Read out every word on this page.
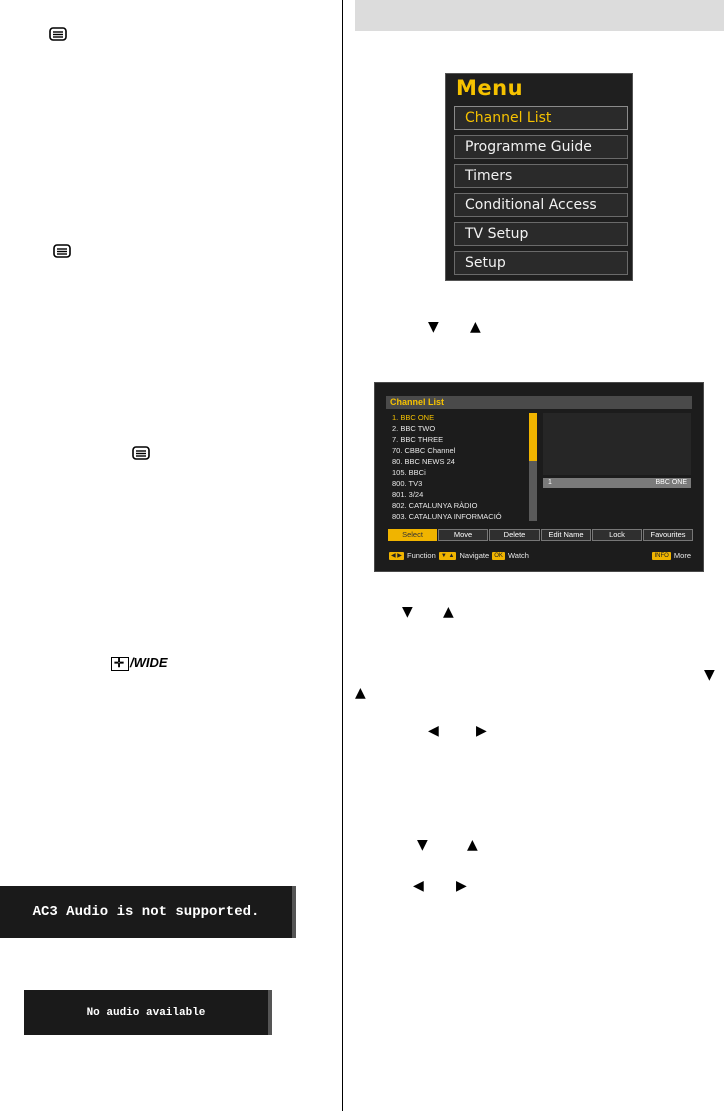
Menu
Channel List
Programme Guide
Timers
Conditional Access
TV Setup
Setup
▼ ▲
Channel List
1. BBC ONE
2. BBC TWO
7. BBC THREE
70. CBBC Channel
80. BBC NEWS 24
105. BBCi
800. TV3
801. 3/24
802. CATALUNYA RÀDIO
803. CATALUNYA INFORMACIÓ
1	BBC ONE
Select	Move	Delete	Edit Name	Lock	Favourites
◀ ▶ Function ▼ ▲ Navigate OK Watch	INFO More
▼ ▲
▼
▲
◀	▶
▼	▲
◀ ▶
✛/WIDE
AC3 Audio is not supported.
No audio available
